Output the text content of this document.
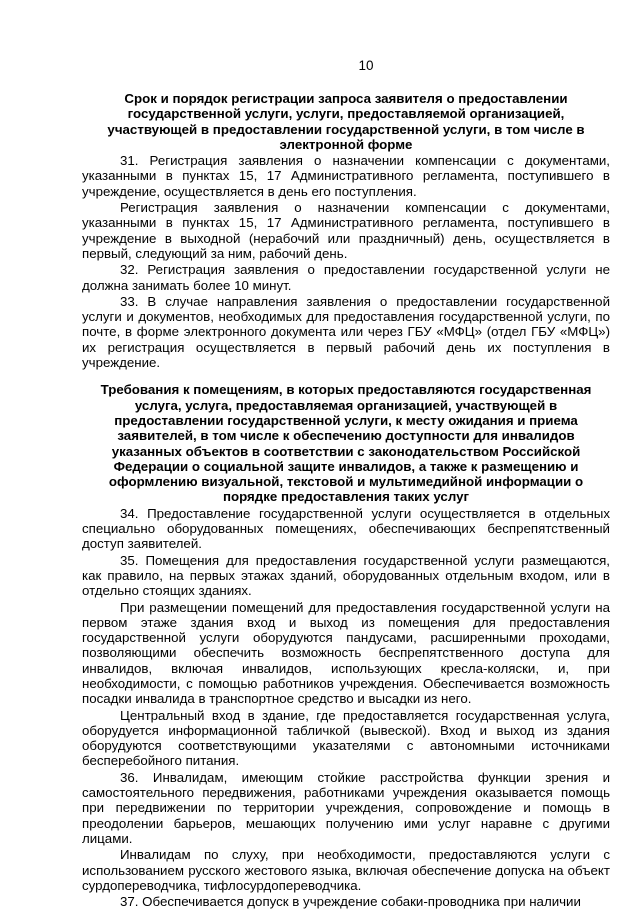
10
Срок и порядок регистрации запроса заявителя о предоставлении государственной услуги, услуги, предоставляемой организацией, участвующей в предоставлении государственной услуги, в том числе в электронной форме

31. Регистрация заявления о назначении компенсации с документами, указанными в пунктах 15, 17 Административного регламента, поступившего в учреждение, осуществляется в день его поступления.

Регистрация заявления о назначении компенсации с документами, указанными в пунктах 15, 17 Административного регламента, поступившего в учреждение в выходной (нерабочий или праздничный) день, осуществляется в первый, следующий за ним, рабочий день.

32. Регистрация заявления о предоставлении государственной услуги не должна занимать более 10 минут.

33. В случае направления заявления о предоставлении государственной услуги и документов, необходимых для предоставления государственной услуги, по почте, в форме электронного документа или через ГБУ «МФЦ» (отдел ГБУ «МФЦ») их регистрация осуществляется в первый рабочий день их поступления в учреждение.

Требования к помещениям, в которых предоставляются государственная услуга, услуга, предоставляемая организацией, участвующей в предоставлении государственной услуги, к месту ожидания и приема заявителей, в том числе к обеспечению доступности для инвалидов указанных объектов в соответствии с законодательством Российской Федерации о социальной защите инвалидов, а также к размещению и оформлению визуальной, текстовой и мультимедийной информации о порядке предоставления таких услуг

34. Предоставление государственной услуги осуществляется в отдельных специально оборудованных помещениях, обеспечивающих беспрепятственный доступ заявителей.

35. Помещения для предоставления государственной услуги размещаются, как правило, на первых этажах зданий, оборудованных отдельным входом, или в отдельно стоящих зданиях.

При размещении помещений для предоставления государственной услуги на первом этаже здания вход и выход из помещения для предоставления государственной услуги оборудуются пандусами, расширенными проходами, позволяющими обеспечить возможность беспрепятственного доступа для инвалидов, включая инвалидов, использующих кресла-коляски, и, при необходимости, с помощью работников учреждения. Обеспечивается возможность посадки инвалида в транспортное средство и высадки из него.

Центральный вход в здание, где предоставляется государственная услуга, оборудуется информационной табличкой (вывеской). Вход и выход из здания оборудуются соответствующими указателями с автономными источниками бесперебойного питания.

36. Инвалидам, имеющим стойкие расстройства функции зрения и самостоятельного передвижения, работниками учреждения оказывается помощь при передвижении по территории учреждения, сопровождение и помощь в преодолении барьеров, мешающих получению ими услуг наравне с другими лицами.

Инвалидам по слуху, при необходимости, предоставляются услуги с использованием русского жестового языка, включая обеспечение допуска на объект сурдопереводчика, тифлосурдопереводчика.

37. Обеспечивается допуск в учреждение собаки-проводника при наличии
